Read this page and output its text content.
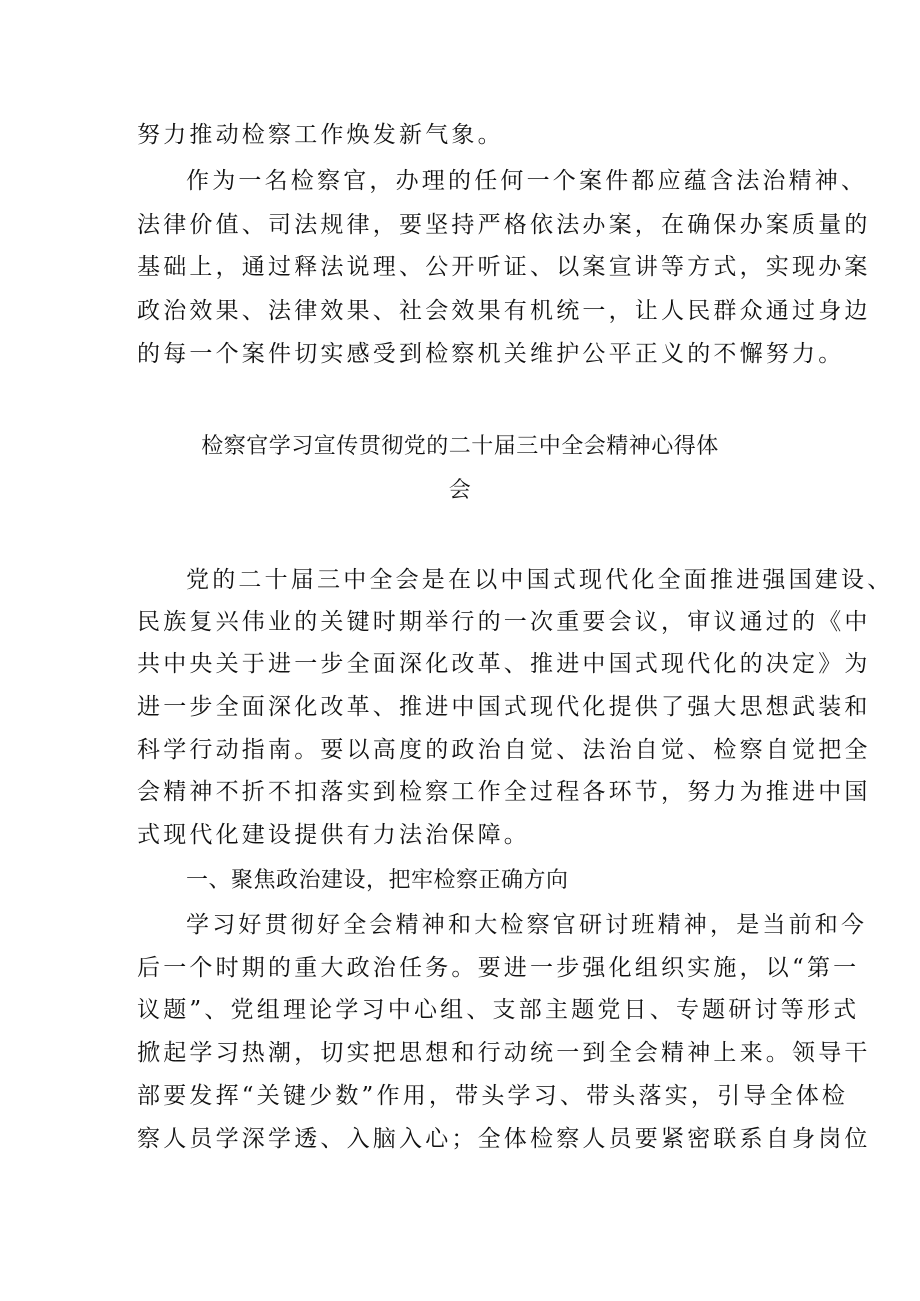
努力推动检察工作焕发新气象。
作为一名检察官，办理的任何一个案件都应蕴含法治精神、
法律价值、司法规律，要坚持严格依法办案，在确保办案质量的
基础上，通过释法说理、公开听证、以案宣讲等方式，实现办案
政治效果、法律效果、社会效果有机统一，让人民群众通过身边
的每一个案件切实感受到检察机关维护公平正义的不懈努力。
检察官学习宣传贯彻党的二十届三中全会精神心得体
会
党的二十届三中全会是在以中国式现代化全面推进强国建设、
民族复兴伟业的关键时期举行的一次重要会议，审议通过的《中
共中央关于进一步全面深化改革、推进中国式现代化的决定》为
进一步全面深化改革、推进中国式现代化提供了强大思想武装和
科学行动指南。要以高度的政治自觉、法治自觉、检察自觉把全
会精神不折不扣落实到检察工作全过程各环节，努力为推进中国
式现代化建设提供有力法治保障。
一、聚焦政治建设，把牢检察正确方向
学习好贯彻好全会精神和大检察官研讨班精神，是当前和今
后一个时期的重大政治任务。要进一步强化组织实施，以“第一
议题”、党组理论学习中心组、支部主题党日、专题研讨等形式
掀起学习热潮，切实把思想和行动统一到全会精神上来。领导干
部要发挥“关键少数”作用，带头学习、带头落实，引导全体检
察人员学深学透、入脑入心；全体检察人员要紧密联系自身岗位
